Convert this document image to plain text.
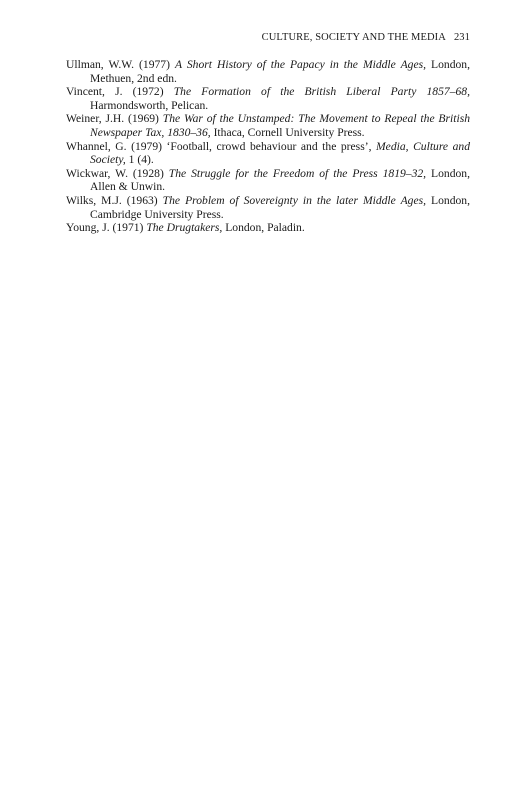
CULTURE, SOCIETY AND THE MEDIA 231

Ullman, W.W. (1977) A Short History of the Papacy in the Middle Ages, London, Methuen, 2nd edn.

Vincent, J. (1972) The Formation of the British Liberal Party 1857–68, Harmondsworth, Pelican.

Weiner, J.H. (1969) The War of the Unstamped: The Movement to Repeal the British Newspaper Tax, 1830–36, Ithaca, Cornell University Press.

Whannel, G. (1979) ‘Football, crowd behaviour and the press’, Media, Culture and Society, 1 (4).

Wickwar, W. (1928) The Struggle for the Freedom of the Press 1819–32, London, Allen & Unwin.

Wilks, M.J. (1963) The Problem of Sovereignty in the later Middle Ages, London, Cambridge University Press.

Young, J. (1971) The Drugtakers, London, Paladin.
